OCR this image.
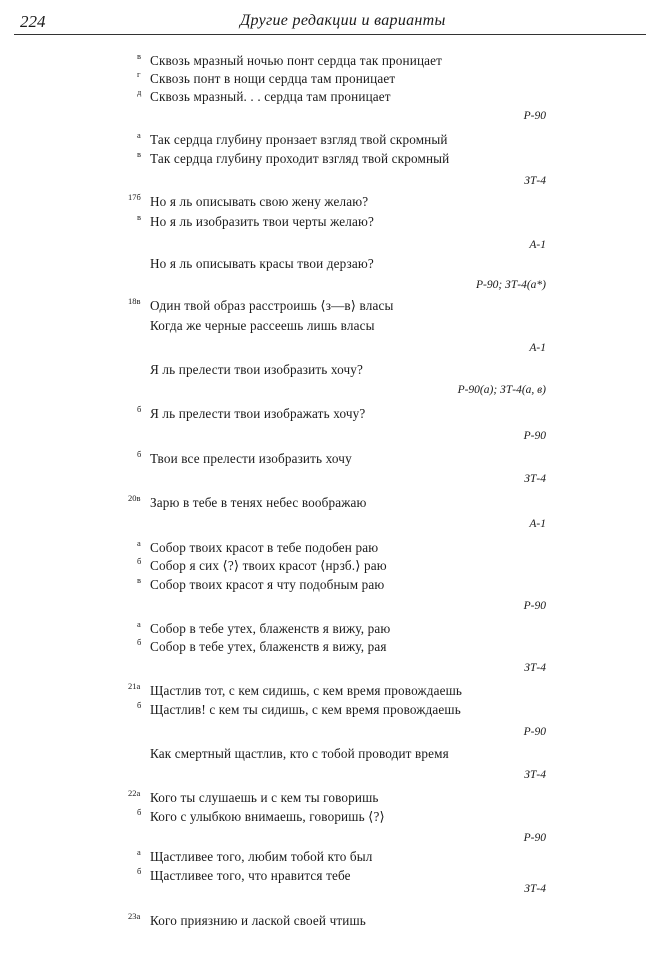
224	Другие редакции и варианты
в Сквозь мразный ночью понт сердца так проницает
г Сквозь понт в нощи сердца там проницает
д Сквозь мразный. . . сердца там проницает
а Так сердца глубину пронзает взгляд твой скромный
в Так сердца глубину проходит взгляд твой скромный
17б Но я ль описывать свою жену желаю?
в Но я ль изобразить твои черты желаю?
Но я ль описывать красы твои дерзаю?
18в Один твой образ расстроишь ⟨з—в⟩ власы
Когда же черные рассеешь лишь власы
Я ль прелести твои изобразить хочу?
б Я ль прелести твои изображать хочу?
б Твои все прелести изобразить хочу
20в Зарю в тебе в тенях небес воображаю
а Собор твоих красот в тебе подобен раю
б Собор я сих ⟨?⟩ твоих красот ⟨нрзб.⟩ раю
в Собор твоих красот я чту подобным раю
а Собор в тебе утех, блаженств я вижу, раю
б Собор в тебе утех, блаженств я вижу, рая
21а Щастлив тот, с кем сидишь, с кем время провождаешь
б Щастлив! с кем ты сидишь, с кем время провождаешь
Как смертный щастлив, кто с тобой проводит время
22а Кого ты слушаешь и с кем ты говоришь
б Кого с улыбкою внимаешь, говоришь ⟨?⟩
а Щастливее того, любим тобой кто был
б Щастливее того, что нравится тебе
23а Кого приязнию и лаской своей чтишь
Р-90
ЗТ-4
А-1
Р-90; ЗТ-4(а*)
А-1
Р-90(а); ЗТ-4(а, в)
Р-90
ЗТ-4
А-1
Р-90
ЗТ-4
Р-90
ЗТ-4
Р-90
ЗТ-4
